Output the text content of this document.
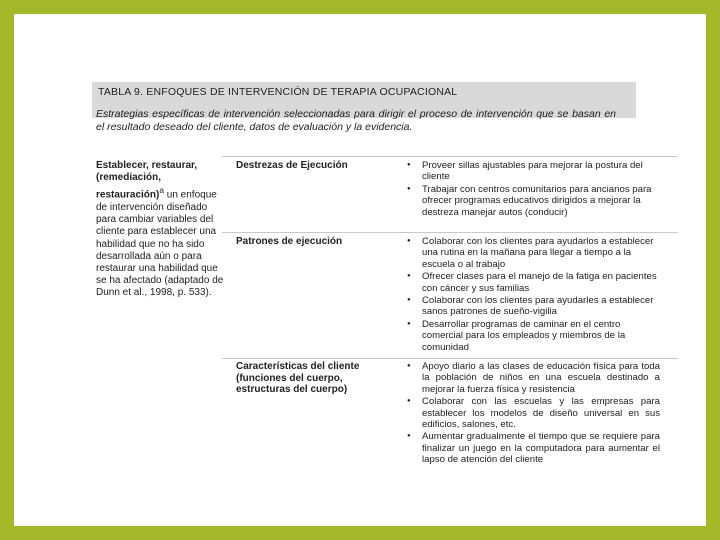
TABLA 9. ENFOQUES DE INTERVENCIÓN DE TERAPIA OCUPACIONAL
Estrategias específicas de intervención seleccionadas para dirigir el proceso de intervención que se basan en el resultado deseado del cliente, datos de evaluación y la evidencia.
Establecer, restaurar, (remediación, restauración)$^a$ un enfoque de intervención diseñado para cambiar variables del cliente para establecer una habilidad que no ha sido desarrollada aún o para restaurar una habilidad que se ha afectado (adaptado de Dunn et al., 1998, p. 533).
Destrezas de Ejecución	● Proveer sillas ajustables para mejorar la postura del cliente
● Trabajar con centros comunitarios para ancianos para ofrecer programas educativos dirigidos a mejorar la destreza manejar autos (conducir)
Patrones de ejecución	● Colaborar con los clientes para ayudarlos a establecer una rutina en la mañana para llegar a tiempo a la escuela o al trabajo
● Ofrecer clases para el manejo de la fatiga en pacientes con cáncer y sus familias
● Colaborar con los clientes para ayudarles a establecer sanos patrones de sueño-vigilia
● Desarrollar programas de caminar en el centro comercial para los empleados y miembros de la comunidad
Características del cliente (funciones del cuerpo, estructuras del cuerpo)
● Apoyo diario a las clases de educación física para toda la población de niños en una escuela destinado a mejorar la fuerza física y resistencia
● Colaborar con las escuelas y las empresas para establecer los modelos de diseño universal en sus edificios, salones, etc.
● Aumentar gradualmente el tiempo que se requiere para finalizar un juego en la computadora para aumentar el lapso de atención del cliente
